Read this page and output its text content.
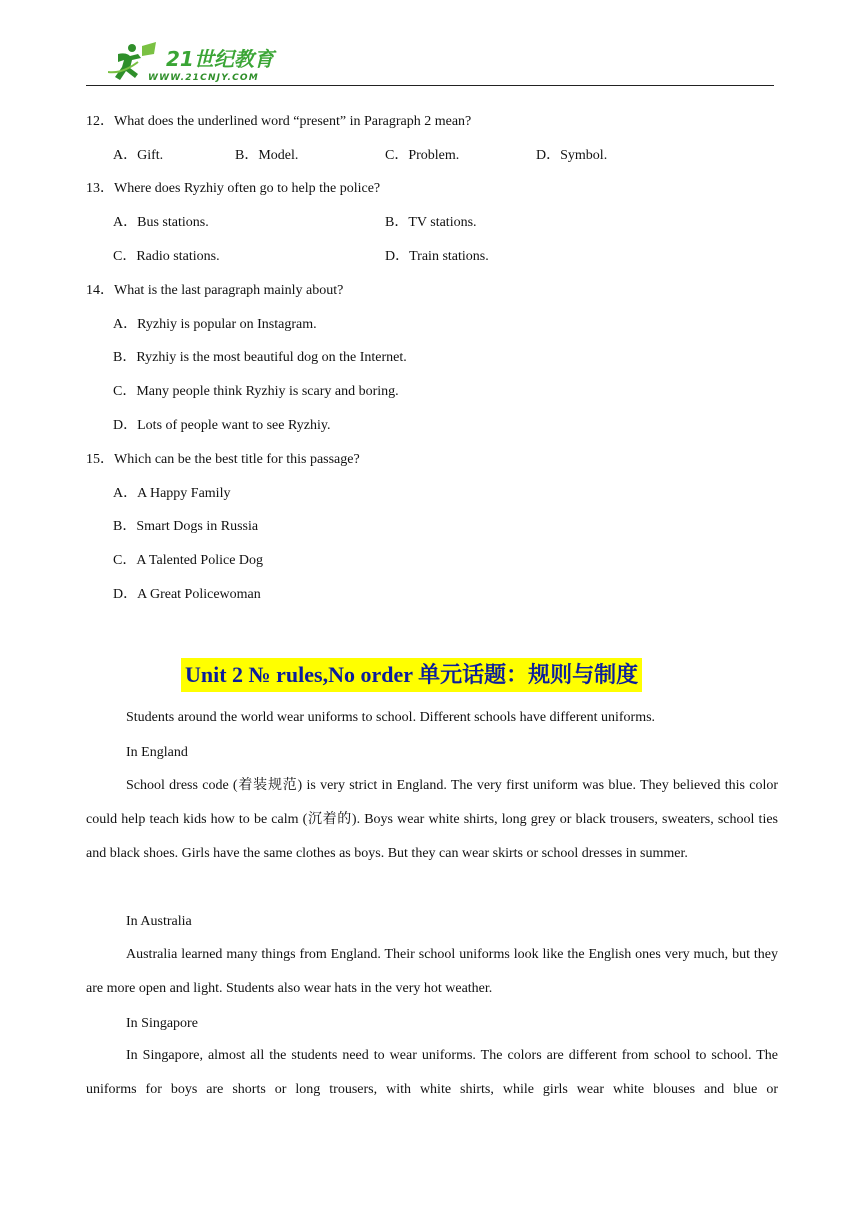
21世纪教育
WWW.21CNJY.COM
12．What does the underlined word “present” in Paragraph 2 mean?
A．Gift.	B．Model.	C．Problem.	D．Symbol.
13．Where does Ryzhiy often go to help the police?
A．Bus stations.	B．TV stations.
C．Radio stations.	D．Train stations.
14．What is the last paragraph mainly about?
A．Ryzhiy is popular on Instagram.
B．Ryzhiy is the most beautiful dog on the Internet.
C．Many people think Ryzhiy is scary and boring.
D．Lots of people want to see Ryzhiy.
15．Which can be the best title for this passage?
A．A Happy Family
B．Smart Dogs in Russia
C．A Talented Police Dog
D．A Great Policewoman
Unit 2 № rules,No order 单元话题：规则与制度
Students around the world wear uniforms to school. Different schools have different uniforms.
In England
School dress code (着装规范) is very strict in England. The very first uniform was blue. They believed this color could help teach kids how to be calm (沉着的). Boys wear white shirts, long grey or black trousers, sweaters, school ties and black shoes. Girls have the same clothes as boys. But they can wear skirts or school dresses in summer.
In Australia
Australia learned many things from England. Their school uniforms look like the English ones very much, but they are more open and light. Students also wear hats in the very hot weather.
In Singapore
In Singapore, almost all the students need to wear uniforms. The colors are different from school to school. The uniforms for boys are shorts or long trousers, with white shirts, while girls wear white blouses and blue or
